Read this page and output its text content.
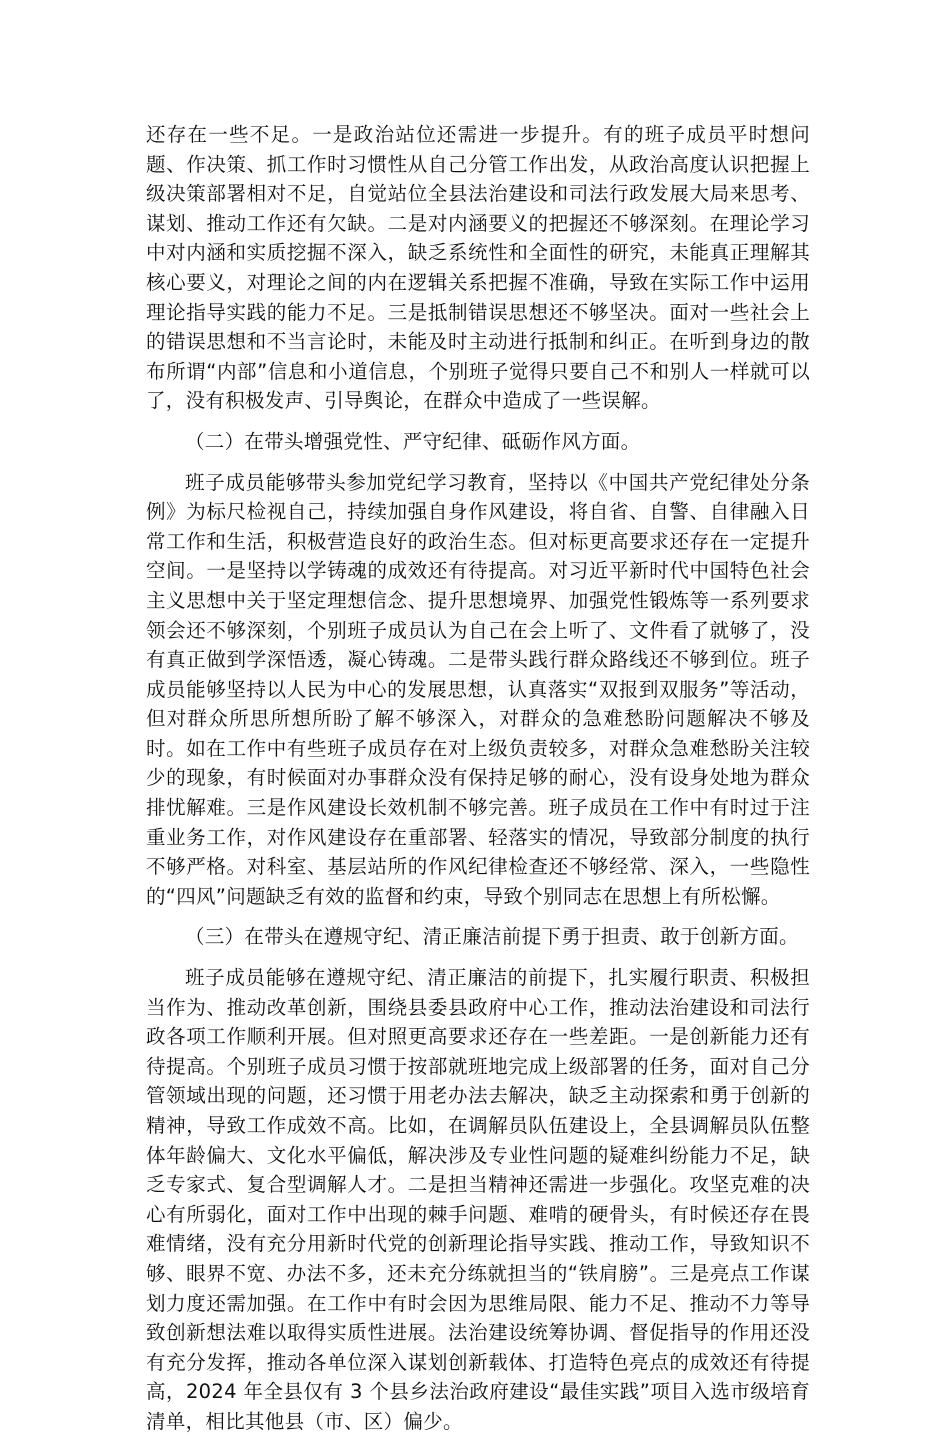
还存在一些不足。一是政治站位还需进一步提升。有的班子成员平时想问题、作决策、抓工作时习惯性从自己分管工作出发，从政治高度认识把握上级决策部署相对不足，自觉站位全县法治建设和司法行政发展大局来思考、谋划、推动工作还有欠缺。二是对内涵要义的把握还不够深刻。在理论学习中对内涵和实质挖掘不深入，缺乏系统性和全面性的研究，未能真正理解其核心要义，对理论之间的内在逻辑关系把握不准确，导致在实际工作中运用理论指导实践的能力不足。三是抵制错误思想还不够坚决。面对一些社会上的错误思想和不当言论时，未能及时主动进行抵制和纠正。在听到身边的散布所谓“内部”信息和小道信息，个别班子觉得只要自己不和别人一样就可以了，没有积极发声、引导舆论，在群众中造成了一些误解。

（二）在带头增强党性、严守纪律、砥砺作风方面。

班子成员能够带头参加党纪学习教育，坚持以《中国共产党纪律处分条例》为标尺检视自己，持续加强自身作风建设，将自省、自警、自律融入日常工作和生活，积极营造良好的政治生态。但对标更高要求还存在一定提升空间。一是坚持以学铸魂的成效还有待提高。对习近平新时代中国特色社会主义思想中关于坚定理想信念、提升思想境界、加强党性锻炼等一系列要求领会还不够深刻，个别班子成员认为自己在会上听了、文件看了就够了，没有真正做到学深悟透，凝心铸魂。二是带头践行群众路线还不够到位。班子成员能够坚持以人民为中心的发展思想，认真落实“双报到双服务”等活动，但对群众所思所想所盼了解不够深入，对群众的急难愁盼问题解决不够及时。如在工作中有些班子成员存在对上级负责较多，对群众急难愁盼关注较少的现象，有时候面对办事群众没有保持足够的耐心，没有设身处地为群众排忧解难。三是作风建设长效机制不够完善。班子成员在工作中有时过于注重业务工作，对作风建设存在重部署、轻落实的情况，导致部分制度的执行不够严格。对科室、基层站所的作风纪律检查还不够经常、深入，一些隐性的“四风”问题缺乏有效的监督和约束，导致个别同志在思想上有所松懈。

（三）在带头在遵规守纪、清正廉洁前提下勇于担责、敢于创新方面。

班子成员能够在遵规守纪、清正廉洁的前提下，扎实履行职责、积极担当作为、推动改革创新，围绕县委县政府中心工作，推动法治建设和司法行政各项工作顺利开展。但对照更高要求还存在一些差距。一是创新能力还有待提高。个别班子成员习惯于按部就班地完成上级部署的任务，面对自己分管领域出现的问题，还习惯于用老办法去解决，缺乏主动探索和勇于创新的精神，导致工作成效不高。比如，在调解员队伍建设上，全县调解员队伍整体年龄偏大、文化水平偏低，解决涉及专业性问题的疑难纠纷能力不足，缺乏专家式、复合型调解人才。二是担当精神还需进一步强化。攻坚克难的决心有所弱化，面对工作中出现的棘手问题、难啃的硬骨头，有时候还存在畏难情绪，没有充分用新时代党的创新理论指导实践、推动工作，导致知识不够、眼界不宽、办法不多，还未充分练就担当的“铁肩膀”。三是亮点工作谋划力度还需加强。在工作中有时会因为思维局限、能力不足、推动不力等导致创新想法难以取得实质性进展。法治建设统筹协调、督促指导的作用还没有充分发挥，推动各单位深入谋划创新载体、打造特色亮点的成效还有待提高，2024 年全县仅有 3 个县乡法治政府建设“最佳实践”项目入选市级培育清单，相比其他县（市、区）偏少。
